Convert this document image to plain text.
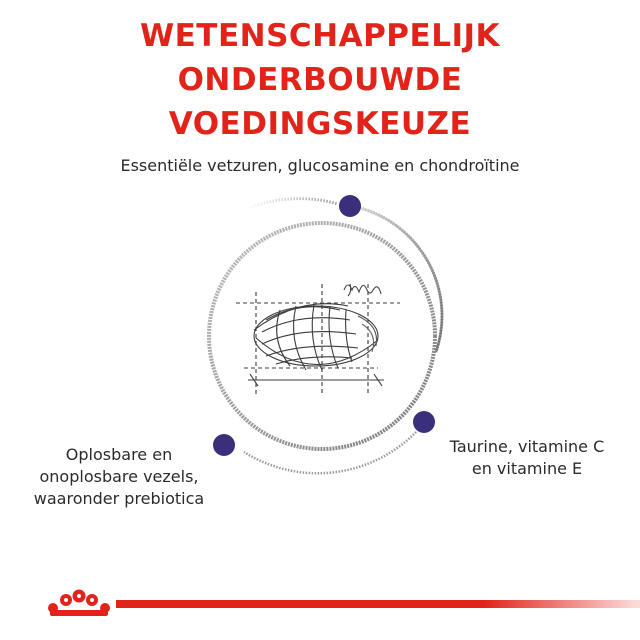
WETENSCHAPPELIJK ONDERBOUWDE
VOEDINGSKEUZE
Essentiële vetzuren, glucosamine en chondroïtine
Oplosbare en
onoplosbare vezels,
waaronder prebiotica
Taurine, vitamine C
en vitamine E
